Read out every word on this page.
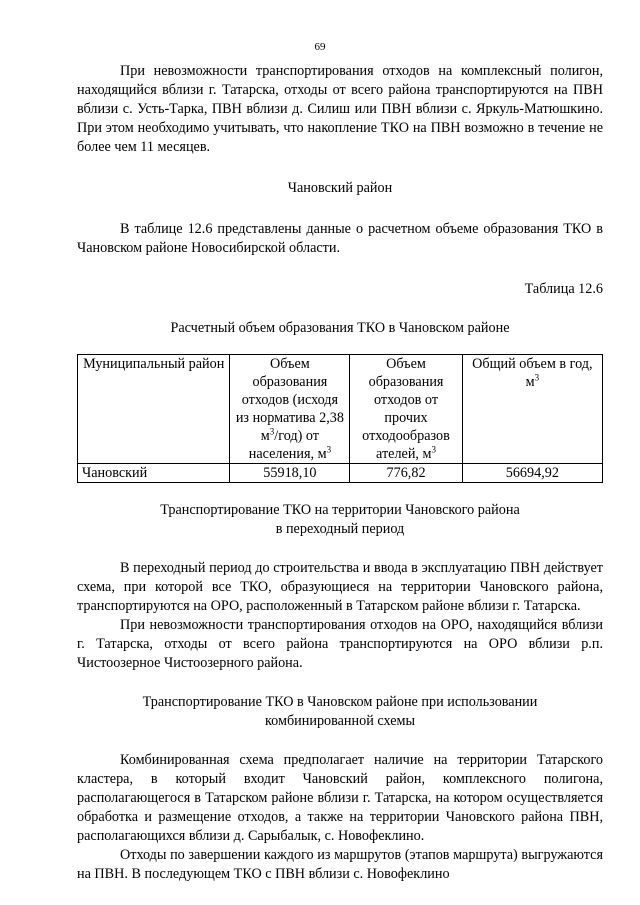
69

При невозможности транспортирования отходов на комплексный полигон, находящийся вблизи г. Татарска, отходы от всего района транспортируются на ПВН вблизи с. Усть-Тарка, ПВН вблизи д. Силиш или ПВН вблизи с. Яркуль-Матюшкино. При этом необходимо учитывать, что накопление ТКО на ПВН возможно в течение не более чем 11 месяцев.

Чановский район

В таблице 12.6 представлены данные о расчетном объеме образования ТКО в Чановском районе Новосибирской области.

Таблица 12.6

Расчетный объем образования ТКО в Чановском районе

Муниципальный район	Объем образования отходов (исходя из норматива 2,38 $м^3/год$) от населения, $м^3$	Объем образования отходов от прочих отходообразов ателей, $м^3$	Общий объем в год, $м^3$
Чановский	55918,10	776,82	56694,92

Транспортирование ТКО на территории Чановского района

в переходный период

В переходный период до строительства и ввода в эксплуатацию ПВН действует схема, при которой все ТКО, образующиеся на территории Чановского района, транспортируются на ОРО, расположенный в Татарском районе вблизи г. Татарска.

При невозможности транспортирования отходов на ОРО, находящийся вблизи г. Татарска, отходы от всего района транспортируются на ОРО вблизи р.п. Чистоозерное Чистоозерного района.

Транспортирование ТКО в Чановском районе при использовании

комбинированной схемы

Комбинированная схема предполагает наличие на территории Татарского кластера, в который входит Чановский район, комплексного полигона, располагающегося в Татарском районе вблизи г. Татарска, на котором осуществляется обработка и размещение отходов, а также на территории Чановского района ПВН, располагающихся вблизи д. Сарыбалык, с. Новофеклино.

Отходы по завершении каждого из маршрутов (этапов маршрута) выгружаются на ПВН. В последующем ТКО с ПВН вблизи с. Новофеклино
